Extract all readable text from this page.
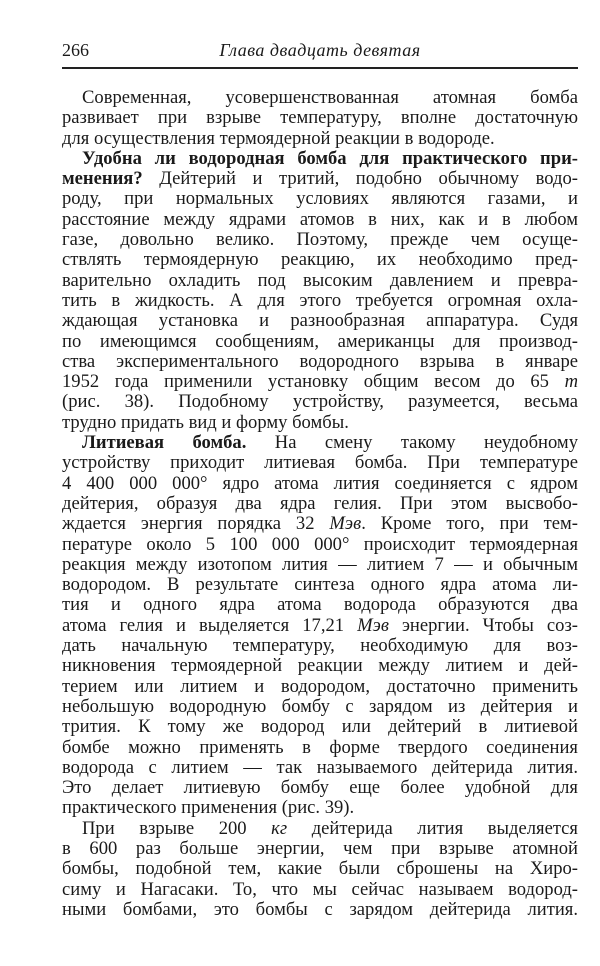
266	Глава двадцать девятая
Современная, усовершенствованная атомная бомба
развивает при взрыве температуру, вполне достаточную
для осуществления термоядерной реакции в водороде.
Удобна ли водородная бомба для практического при-
менения? Дейтерий и тритий, подобно обычному водо-
роду, при нормальных условиях являются газами, и
расстояние между ядрами атомов в них, как и в любом
газе, довольно велико. Поэтому, прежде чем осуще-
ствлять термоядерную реакцию, их необходимо пред-
варительно охладить под высоким давлением и превра-
тить в жидкость. А для этого требуется огромная охла-
ждающая установка и разнообразная аппаратура. Судя
по имеющимся сообщениям, американцы для производ-
ства экспериментального водородного взрыва в январе
1952 года применили установку общим весом до 65 т
(рис. 38). Подобному устройству, разумеется, весьма
трудно придать вид и форму бомбы.
Литиевая бомба. На смену такому неудобному
устройству приходит литиевая бомба. При температуре
4 400 000 000° ядро атома лития соединяется с ядром
дейтерия, образуя два ядра гелия. При этом высвобо-
ждается энергия порядка 32 Мэв. Кроме того, при тем-
пературе около 5 100 000 000° происходит термоядерная
реакция между изотопом лития — литием 7 — и обычным
водородом. В результате синтеза одного ядра атома ли-
тия и одного ядра атома водорода образуются два
атома гелия и выделяется 17,21 Мэв энергии. Чтобы соз-
дать начальную температуру, необходимую для воз-
никновения термоядерной реакции между литием и дей-
терием или литием и водородом, достаточно применить
небольшую водородную бомбу с зарядом из дейтерия и
трития. К тому же водород или дейтерий в литиевой
бомбе можно применять в форме твердого соединения
водорода с литием — так называемого дейтерида лития.
Это делает литиевую бомбу еще более удобной для
практического применения (рис. 39).
При взрыве 200 кг дейтерида лития выделяется
в 600 раз больше энергии, чем при взрыве атомной
бомбы, подобной тем, какие были сброшены на Хиро-
симу и Нагасаки. То, что мы сейчас называем водород-
ными бомбами, это бомбы с зарядом дейтерида лития.
